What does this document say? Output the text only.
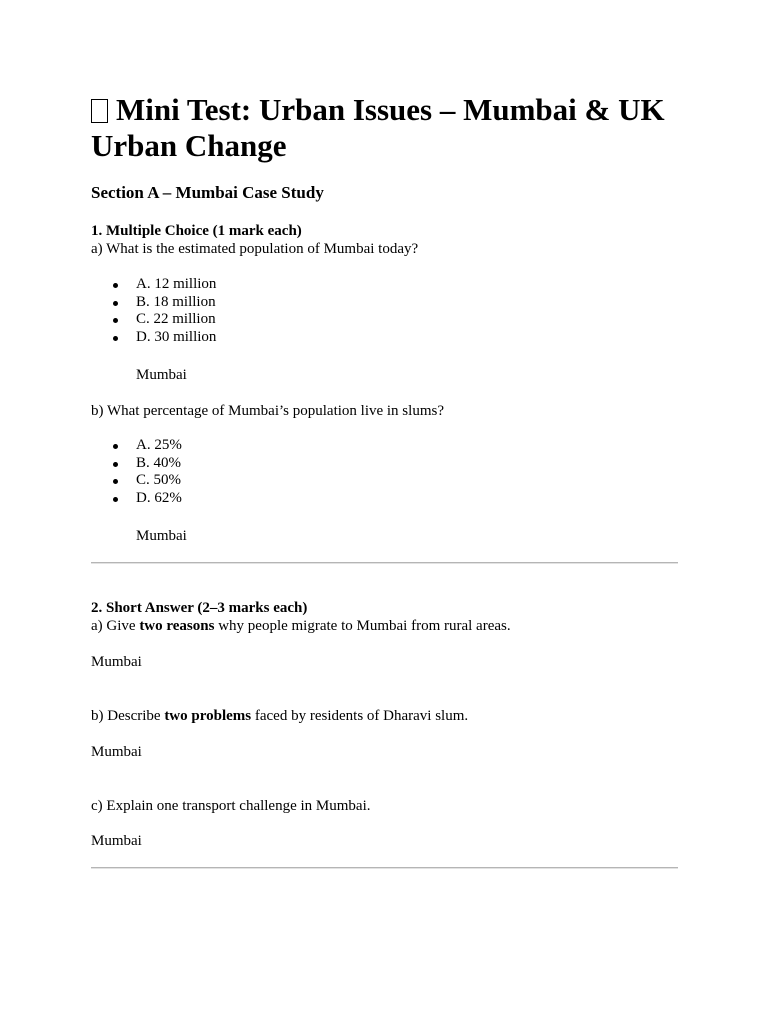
Mini Test: Urban Issues – Mumbai & UK Urban Change
Section A – Mumbai Case Study

1. Multiple Choice (1 mark each)

a) What is the estimated population of Mumbai today?

A. 12 million
B. 18 million
C. 22 million
D. 30 million

Mumbai

b) What percentage of Mumbai’s population live in slums?

A. 25%
B. 40%
C. 50%
D. 62%

Mumbai

2. Short Answer (2–3 marks each)

a) Give two reasons why people migrate to Mumbai from rural areas.

Mumbai

b) Describe two problems faced by residents of Dharavi slum.

Mumbai

c) Explain one transport challenge in Mumbai.

Mumbai
